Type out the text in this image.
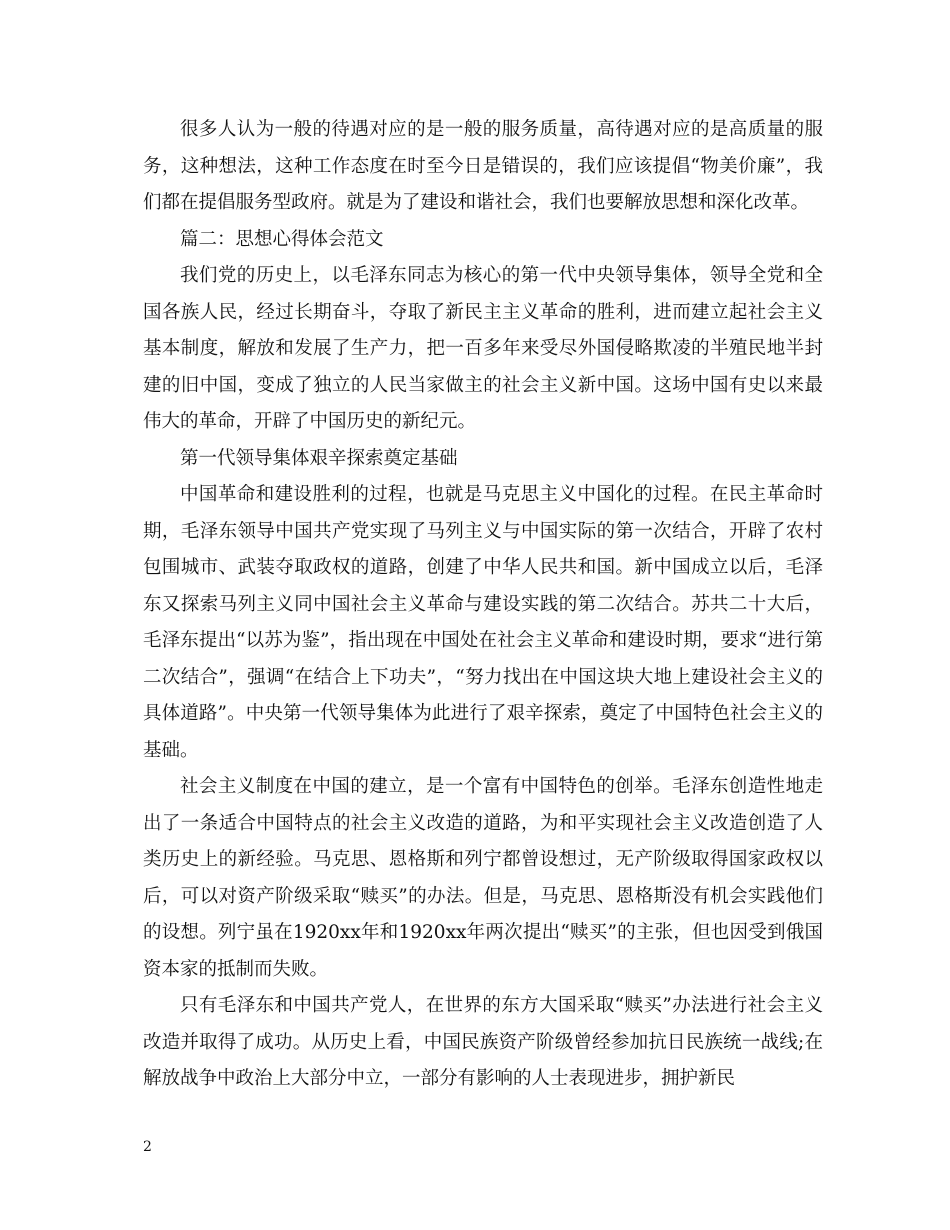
很多人认为一般的待遇对应的是一般的服务质量，高待遇对应的是高质量的服务，这种想法，这种工作态度在时至今日是错误的，我们应该提倡“物美价廉”，我们都在提倡服务型政府。就是为了建设和谐社会，我们也要解放思想和深化改革。

篇二：思想心得体会范文

我们党的历史上，以毛泽东同志为核心的第一代中央领导集体，领导全党和全国各族人民，经过长期奋斗，夺取了新民主主义革命的胜利，进而建立起社会主义基本制度，解放和发展了生产力，把一百多年来受尽外国侵略欺凌的半殖民地半封建的旧中国，变成了独立的人民当家做主的社会主义新中国。这场中国有史以来最伟大的革命，开辟了中国历史的新纪元。

第一代领导集体艰辛探索奠定基础

中国革命和建设胜利的过程，也就是马克思主义中国化的过程。在民主革命时期，毛泽东领导中国共产党实现了马列主义与中国实际的第一次结合，开辟了农村包围城市、武装夺取政权的道路，创建了中华人民共和国。新中国成立以后，毛泽东又探索马列主义同中国社会主义革命与建设实践的第二次结合。苏共二十大后，毛泽东提出“以苏为鉴”，指出现在中国处在社会主义革命和建设时期，要求“进行第二次结合”，强调“在结合上下功夫”，“努力找出在中国这块大地上建设社会主义的具体道路”。中央第一代领导集体为此进行了艰辛探索，奠定了中国特色社会主义的基础。

社会主义制度在中国的建立，是一个富有中国特色的创举。毛泽东创造性地走出了一条适合中国特点的社会主义改造的道路，为和平实现社会主义改造创造了人类历史上的新经验。马克思、恩格斯和列宁都曾设想过，无产阶级取得国家政权以后，可以对资产阶级采取“赎买”的办法。但是，马克思、恩格斯没有机会实践他们的设想。列宁虽在1920xx年和1920xx年两次提出“赎买”的主张，但也因受到俄国资本家的抵制而失败。

只有毛泽东和中国共产党人，在世界的东方大国采取“赎买”办法进行社会主义改造并取得了成功。从历史上看，中国民族资产阶级曾经参加抗日民族统一战线;在解放战争中政治上大部分中立，一部分有影响的人士表现进步，拥护新民

2
